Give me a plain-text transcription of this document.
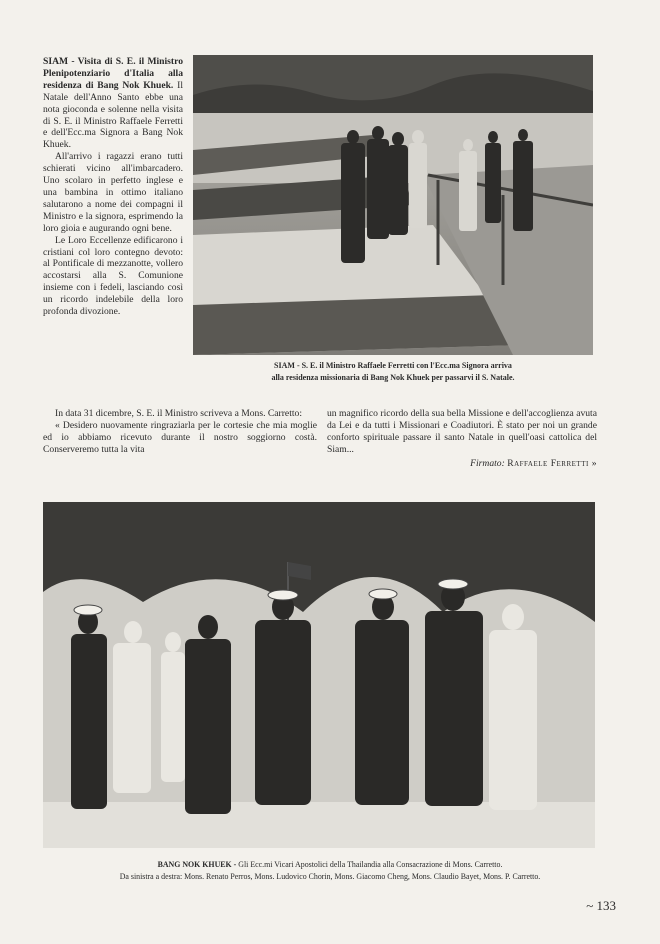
SIAM - Visita di S. E. il Ministro Plenipotenziario d'Italia alla residenza di Bang Nok Khuek. Il Natale dell'Anno Santo ebbe una nota gioconda e solenne nella visita di S. E. il Ministro Raffaele Ferretti e dell'Ecc.ma Signora a Bang Nok Khuek.

All'arrivo i ragazzi erano tutti schierati vicino all'imbarcadero. Uno scolaro in perfetto inglese e una bambina in ottimo italiano salutarono a nome dei compagni il Ministro e la signora, esprimendo la loro gioia e augurando ogni bene.

Le Loro Eccellenze edificarono i cristiani col loro contegno devoto: al Pontificale di mezzanotte, vollero accostarsi alla S. Comunione insieme con i fedeli, lasciando così un ricordo indelebile della loro profonda divozione.

SIAM - S. E. il Ministro Raffaele Ferretti con l'Ecc.ma Signora arriva
alla residenza missionaria di Bang Nok Khuek per passarvi il S. Natale.

In data 31 dicembre, S. E. il Ministro scriveva a Mons. Carretto:

« Desidero nuovamente ringraziarla per le cortesie che mia moglie ed io abbiamo ricevuto durante il nostro soggiorno costà. Conserveremo tutta la vita

un magnifico ricordo della sua bella Missione e dell'accoglienza avuta da Lei e da tutti i Missionari e Coadiutori. È stato per noi un grande conforto spirituale passare il santo Natale in quell'oasi cattolica del Siam...

Firmato: Raffaele Ferretti »
BANG NOK KHUEK - Gli Ecc.mi Vicari Apostolici della Thailandia alla Consacrazione di Mons. Carretto.
Da sinistra a destra: Mons. Renato Perros, Mons. Ludovico Chorin, Mons. Giacomo Cheng, Mons. Claudio Bayet, Mons. P. Carretto.
~ 133
